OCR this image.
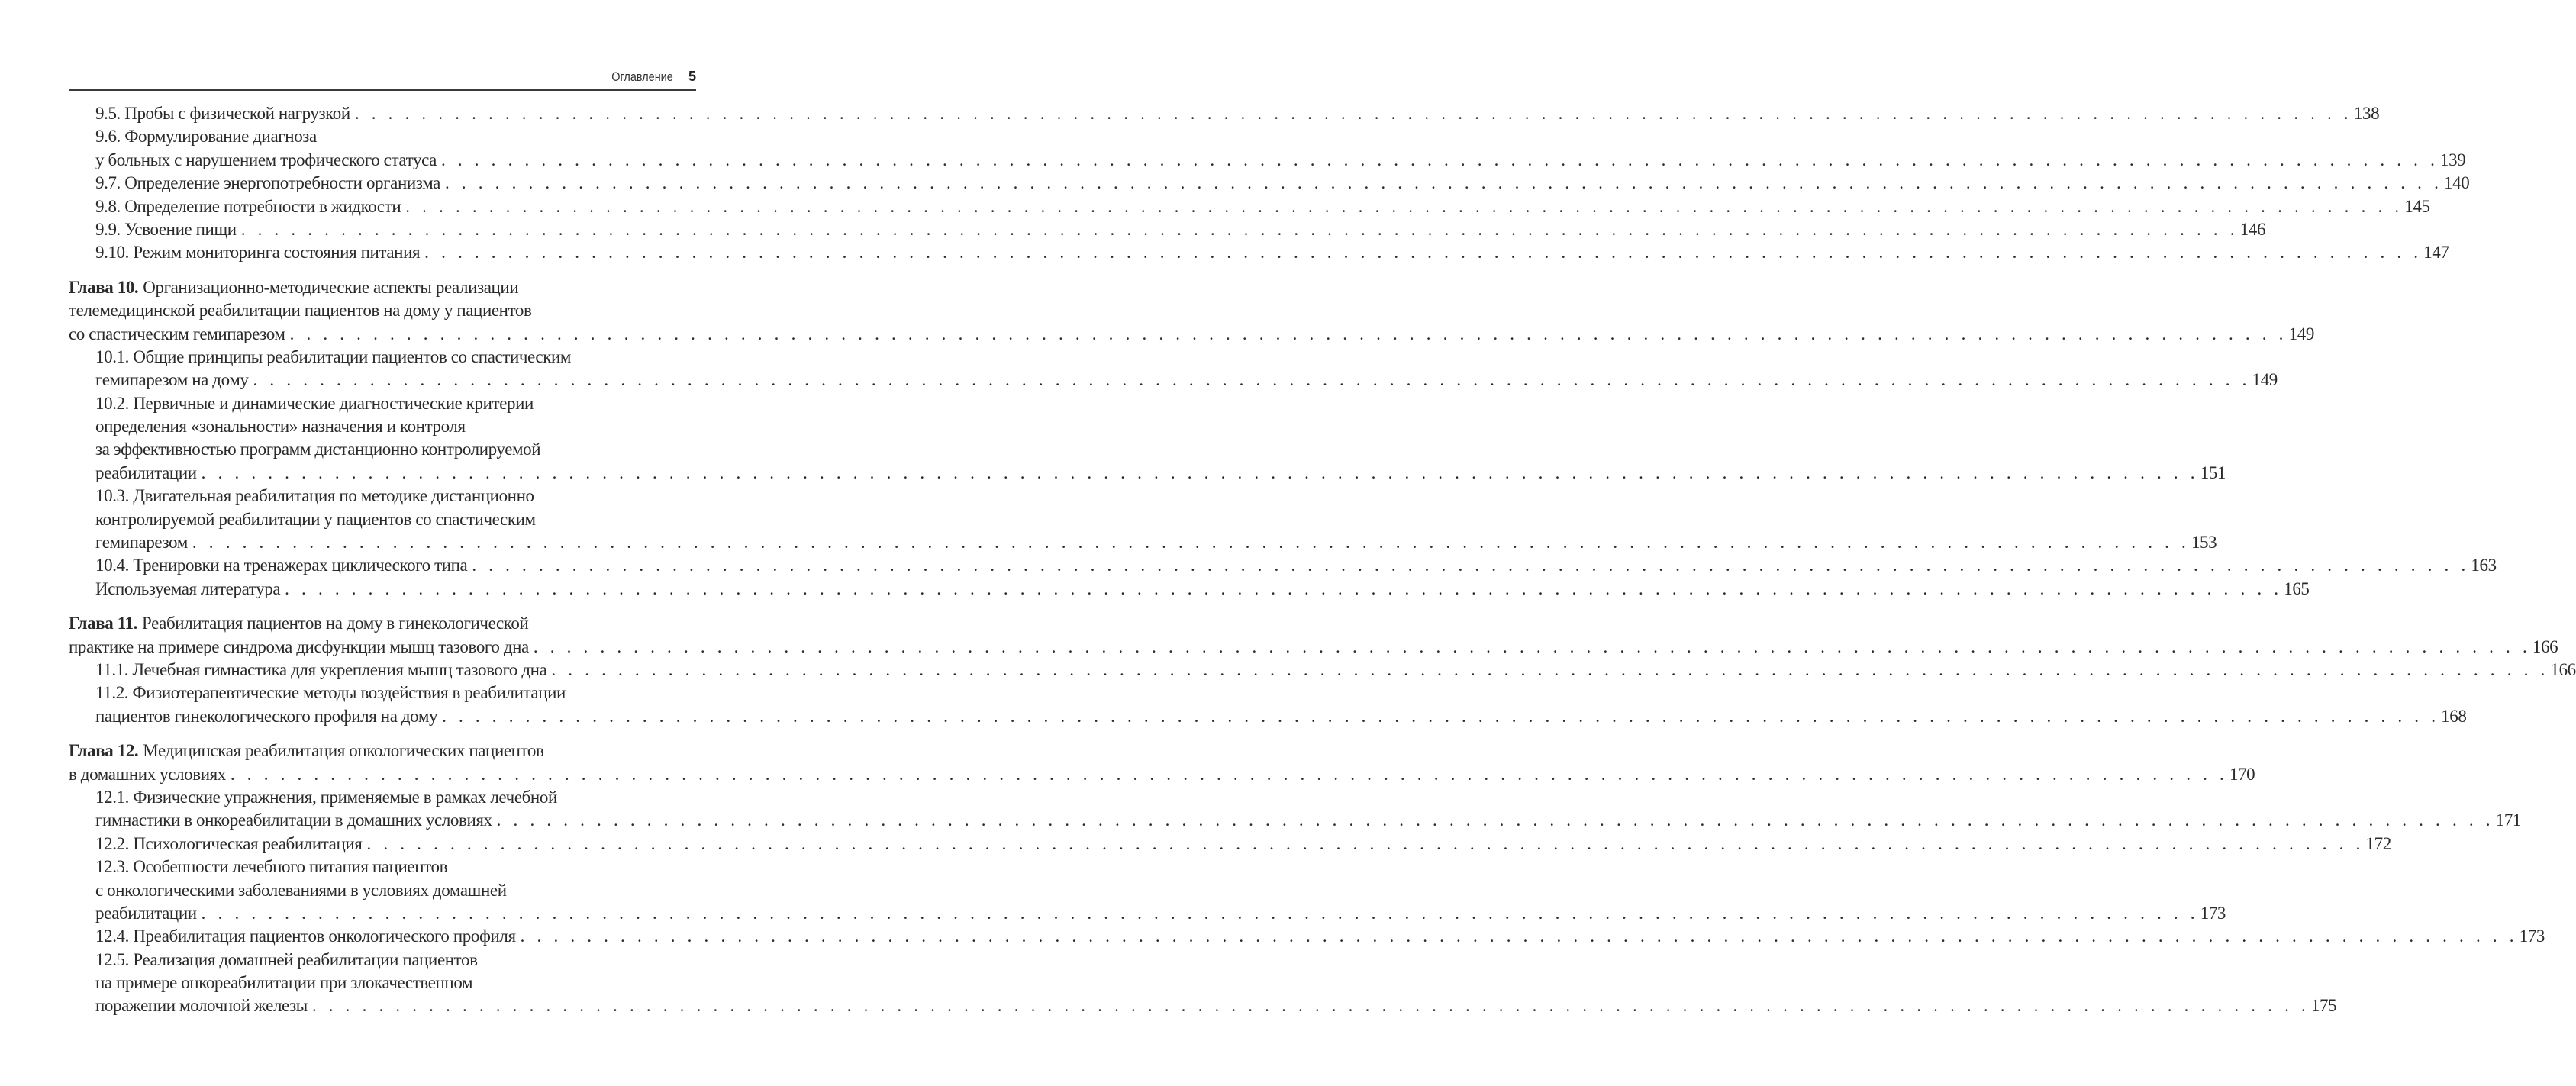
Оглавление 5
9.5. Пробы с физической нагрузкой . . . . . . . . . . . . . . . . . . . . . . . . . . . . . . . . . . . . . . . . . . . . . . . . . . . . . . . . . . . . . . . . . . . . . . . . . . . . . . . . . . . . . . . . . . . . . . . . . . . . . . . . . . . . . . . . . . . . . . . . 138
9.6. Формулирование диагноза
у больных с нарушением трофического статуса . . . . . . . . . . . . . . . . . . . . . . . . . . . . . . . . . . . . . . . . . . . . . . . . . . . . . . . . . . . . . . . . . . . . . . . . . . . . . . . . . . . . . . . . . . . . . . . . . . . . . . . . . . . . . . . . . . . . . . . . 139
9.7. Определение энергопотребности организма . . . . . . . . . . . . . . . . . . . . . . . . . . . . . . . . . . . . . . . . . . . . . . . . . . . . . . . . . . . . . . . . . . . . . . . . . . . . . . . . . . . . . . . . . . . . . . . . . . . . . . . . . . . . . . . . . . . . . . . . 140
9.8. Определение потребности в жидкости . . . . . . . . . . . . . . . . . . . . . . . . . . . . . . . . . . . . . . . . . . . . . . . . . . . . . . . . . . . . . . . . . . . . . . . . . . . . . . . . . . . . . . . . . . . . . . . . . . . . . . . . . . . . . . . . . . . . . . . . 145
9.9. Усвоение пищи . . . . . . . . . . . . . . . . . . . . . . . . . . . . . . . . . . . . . . . . . . . . . . . . . . . . . . . . . . . . . . . . . . . . . . . . . . . . . . . . . . . . . . . . . . . . . . . . . . . . . . . . . . . . . . . . . . . . . . . . 146
9.10. Режим мониторинга состояния питания . . . . . . . . . . . . . . . . . . . . . . . . . . . . . . . . . . . . . . . . . . . . . . . . . . . . . . . . . . . . . . . . . . . . . . . . . . . . . . . . . . . . . . . . . . . . . . . . . . . . . . . . . . . . . . . . . . . . . . . . 147
Глава 10. Организационно-методические аспекты реализации
телемедицинской реабилитации пациентов на дому у пациентов
со спастическим гемипарезом . . . . . . . . . . . . . . . . . . . . . . . . . . . . . . . . . . . . . . . . . . . . . . . . . . . . . . . . . . . . . . . . . . . . . . . . . . . . . . . . . . . . . . . . . . . . . . . . . . . . . . . . . . . . . . . . . . . . . . . . 149
10.1. Общие принципы реабилитации пациентов со спастическим
гемипарезом на дому . . . . . . . . . . . . . . . . . . . . . . . . . . . . . . . . . . . . . . . . . . . . . . . . . . . . . . . . . . . . . . . . . . . . . . . . . . . . . . . . . . . . . . . . . . . . . . . . . . . . . . . . . . . . . . . . . . . . . . . . 149
10.2. Первичные и динамические диагностические критерии
определения «зональности» назначения и контроля
за эффективностью программ дистанционно контролируемой
реабилитации . . . . . . . . . . . . . . . . . . . . . . . . . . . . . . . . . . . . . . . . . . . . . . . . . . . . . . . . . . . . . . . . . . . . . . . . . . . . . . . . . . . . . . . . . . . . . . . . . . . . . . . . . . . . . . . . . . . . . . . . 151
10.3. Двигательная реабилитация по методике дистанционно
контролируемой реабилитации у пациентов со спастическим
гемипарезом . . . . . . . . . . . . . . . . . . . . . . . . . . . . . . . . . . . . . . . . . . . . . . . . . . . . . . . . . . . . . . . . . . . . . . . . . . . . . . . . . . . . . . . . . . . . . . . . . . . . . . . . . . . . . . . . . . . . . . . . 153
10.4. Тренировки на тренажерах циклического типа . . . . . . . . . . . . . . . . . . . . . . . . . . . . . . . . . . . . . . . . . . . . . . . . . . . . . . . . . . . . . . . . . . . . . . . . . . . . . . . . . . . . . . . . . . . . . . . . . . . . . . . . . . . . . . . . . . . . . . . . 163
Используемая литература . . . . . . . . . . . . . . . . . . . . . . . . . . . . . . . . . . . . . . . . . . . . . . . . . . . . . . . . . . . . . . . . . . . . . . . . . . . . . . . . . . . . . . . . . . . . . . . . . . . . . . . . . . . . . . . . . . . . . . . . 165
Глава 11. Реабилитация пациентов на дому в гинекологической
практике на примере синдрома дисфункции мышц тазового дна . . . . . . . . . . . . . . . . . . . . . . . . . . . . . . . . . . . . . . . . . . . . . . . . . . . . . . . . . . . . . . . . . . . . . . . . . . . . . . . . . . . . . . . . . . . . . . . . . . . . . . . . . . . . . . . . . . . . . . . . 166
11.1. Лечебная гимнастика для укрепления мышц тазового дна . . . . . . . . . . . . . . . . . . . . . . . . . . . . . . . . . . . . . . . . . . . . . . . . . . . . . . . . . . . . . . . . . . . . . . . . . . . . . . . . . . . . . . . . . . . . . . . . . . . . . . . . . . . . . . . . . . . . . . . . 166
11.2. Физиотерапевтические методы воздействия в реабилитации
пациентов гинекологического профиля на дому . . . . . . . . . . . . . . . . . . . . . . . . . . . . . . . . . . . . . . . . . . . . . . . . . . . . . . . . . . . . . . . . . . . . . . . . . . . . . . . . . . . . . . . . . . . . . . . . . . . . . . . . . . . . . . . . . . . . . . . . 168
Глава 12. Медицинская реабилитация онкологических пациентов
в домашних условиях . . . . . . . . . . . . . . . . . . . . . . . . . . . . . . . . . . . . . . . . . . . . . . . . . . . . . . . . . . . . . . . . . . . . . . . . . . . . . . . . . . . . . . . . . . . . . . . . . . . . . . . . . . . . . . . . . . . . . . . . 170
12.1. Физические упражнения, применяемые в рамках лечебной
гимнастики в онкореабилитации в домашних условиях . . . . . . . . . . . . . . . . . . . . . . . . . . . . . . . . . . . . . . . . . . . . . . . . . . . . . . . . . . . . . . . . . . . . . . . . . . . . . . . . . . . . . . . . . . . . . . . . . . . . . . . . . . . . . . . . . . . . . . . . 171
12.2. Психологическая реабилитация . . . . . . . . . . . . . . . . . . . . . . . . . . . . . . . . . . . . . . . . . . . . . . . . . . . . . . . . . . . . . . . . . . . . . . . . . . . . . . . . . . . . . . . . . . . . . . . . . . . . . . . . . . . . . . . . . . . . . . . . 172
12.3. Особенности лечебного питания пациентов
с онкологическими заболеваниями в условиях домашней
реабилитации . . . . . . . . . . . . . . . . . . . . . . . . . . . . . . . . . . . . . . . . . . . . . . . . . . . . . . . . . . . . . . . . . . . . . . . . . . . . . . . . . . . . . . . . . . . . . . . . . . . . . . . . . . . . . . . . . . . . . . . . 173
12.4. Преабилитация пациентов онкологического профиля . . . . . . . . . . . . . . . . . . . . . . . . . . . . . . . . . . . . . . . . . . . . . . . . . . . . . . . . . . . . . . . . . . . . . . . . . . . . . . . . . . . . . . . . . . . . . . . . . . . . . . . . . . . . . . . . . . . . . . . . 173
12.5. Реализация домашней реабилитации пациентов
на примере онкореабилитации при злокачественном
поражении молочной железы . . . . . . . . . . . . . . . . . . . . . . . . . . . . . . . . . . . . . . . . . . . . . . . . . . . . . . . . . . . . . . . . . . . . . . . . . . . . . . . . . . . . . . . . . . . . . . . . . . . . . . . . . . . . . . . . . . . . . . . . 175
